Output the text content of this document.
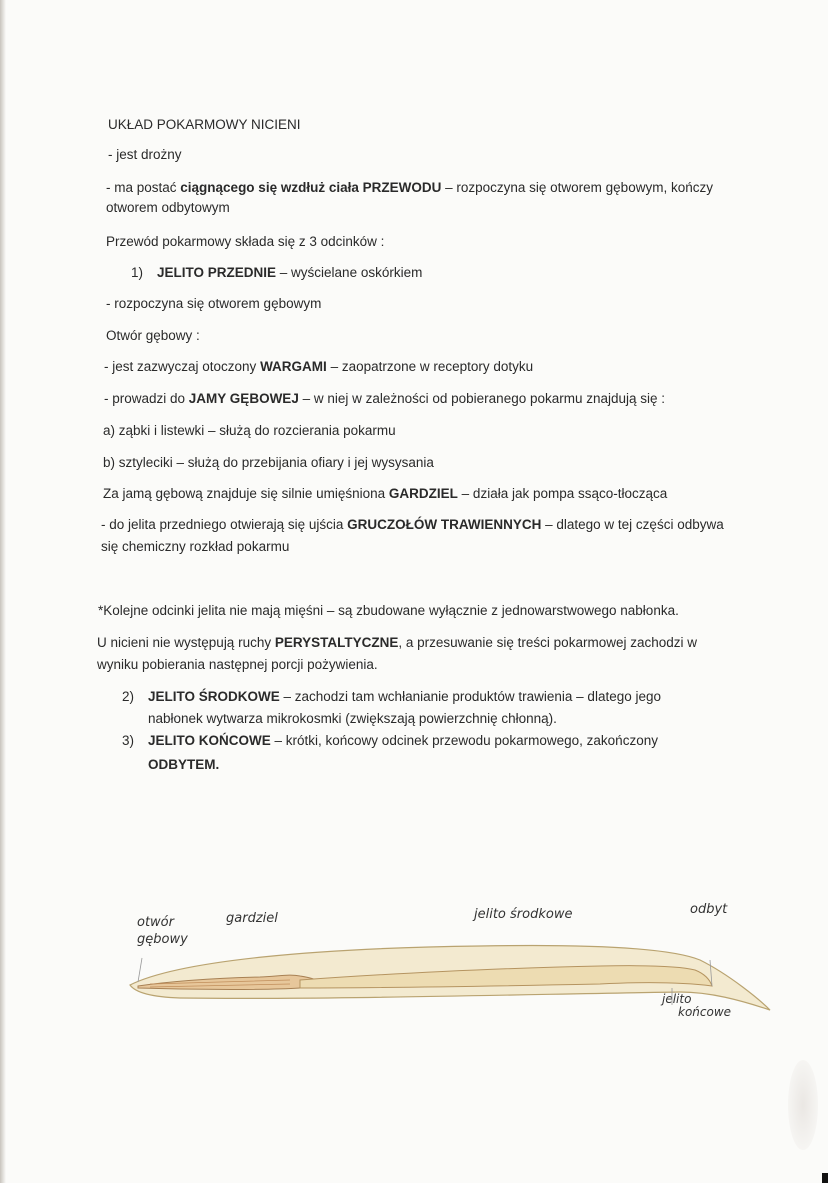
UKŁAD POKARMOWY NICIENI
- jest drożny
- ma postać ciągnącego się wzdłuż ciała PRZEWODU – rozpoczyna się otworem gębowym, kończy
otworem odbytowym
Przewód pokarmowy składa się z 3 odcinków :
1) JELITO PRZEDNIE – wyścielane oskórkiem
- rozpoczyna się otworem gębowym
Otwór gębowy :
- jest zazwyczaj otoczony WARGAMI – zaopatrzone w receptory dotyku
- prowadzi do JAMY GĘBOWEJ – w niej w zależności od pobieranego pokarmu znajdują się :
a) ząbki i listewki – służą do rozcierania pokarmu
b) sztyleciki – służą do przebijania ofiary i jej wysysania
Za jamą gębową znajduje się silnie umięśniona GARDZIEL – działa jak pompa ssąco-tłocząca
- do jelita przedniego otwierają się ujścia GRUCZOŁÓW TRAWIENNYCH – dlatego w tej części odbywa
się chemiczny rozkład pokarmu
*Kolejne odcinki jelita nie mają mięśni – są zbudowane wyłącznie z jednowarstwowego nabłonka.
U nicieni nie występują ruchy PERYSTALTYCZNE, a przesuwanie się treści pokarmowej zachodzi w
wyniku pobierania następnej porcji pożywienia.
2) JELITO ŚRODKOWE – zachodzi tam wchłanianie produktów trawienia – dlatego jego
nabłonek wytwarza mikrokosmki (zwiększają powierzchnię chłonną).
3) JELITO KOŃCOWE – krótki, końcowy odcinek przewodu pokarmowego, zakończony
ODBYTEM.
otwór
gębowy
gardziel	jelito środkowe	odbyt
jelito
końcowe
